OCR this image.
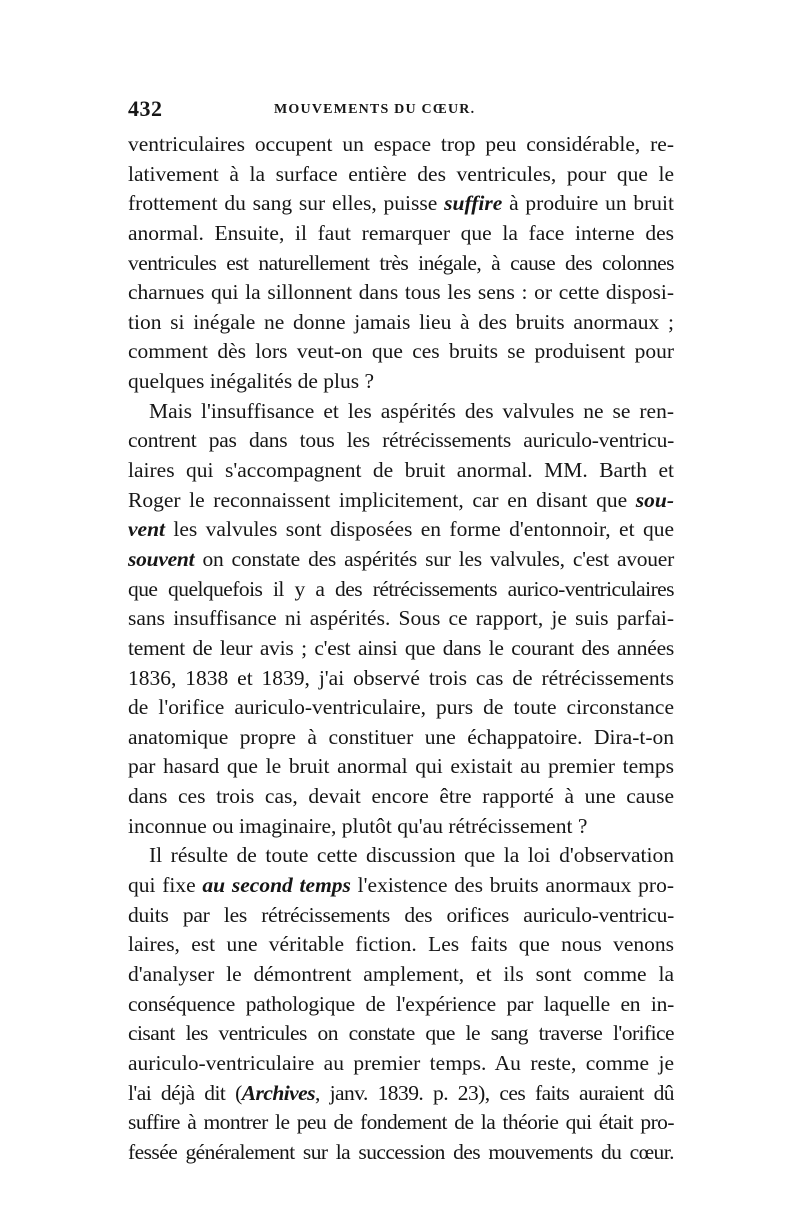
432	MOUVEMENTS DU CŒUR.
ventriculaires occupent un espace trop peu considérable, re-
lativement à la surface entière des ventricules, pour que le
frottement du sang sur elles, puisse suffire à produire un bruit
anormal. Ensuite, il faut remarquer que la face interne des
ventricules est naturellement très inégale, à cause des colonnes
charnues qui la sillonnent dans tous les sens : or cette disposi-
tion si inégale ne donne jamais lieu à des bruits anormaux ;
comment dès lors veut-on que ces bruits se produisent pour
quelques inégalités de plus ?
Mais l'insuffisance et les aspérités des valvules ne se ren-
contrent pas dans tous les rétrécissements auriculo-ventricu-
laires qui s'accompagnent de bruit anormal. MM. Barth et
Roger le reconnaissent implicitement, car en disant que sou-
vent les valvules sont disposées en forme d'entonnoir, et que
souvent on constate des aspérités sur les valvules, c'est avouer
que quelquefois il y a des rétrécissements aurico-ventriculaires
sans insuffisance ni aspérités. Sous ce rapport, je suis parfai-
tement de leur avis ; c'est ainsi que dans le courant des années
1836, 1838 et 1839, j'ai observé trois cas de rétrécissements
de l'orifice auriculo-ventriculaire, purs de toute circonstance
anatomique propre à constituer une échappatoire. Dira-t-on
par hasard que le bruit anormal qui existait au premier temps
dans ces trois cas, devait encore être rapporté à une cause
inconnue ou imaginaire, plutôt qu'au rétrécissement ?
Il résulte de toute cette discussion que la loi d'observation
qui fixe au second temps l'existence des bruits anormaux pro-
duits par les rétrécissements des orifices auriculo-ventricu-
laires, est une véritable fiction. Les faits que nous venons
d'analyser le démontrent amplement, et ils sont comme la
conséquence pathologique de l'expérience par laquelle en in-
cisant les ventricules on constate que le sang traverse l'orifice
auriculo-ventriculaire au premier temps. Au reste, comme je
l'ai déjà dit (Archives, janv. 1839. p. 23), ces faits auraient dû
suffire à montrer le peu de fondement de la théorie qui était pro-
fessée généralement sur la succession des mouvements du cœur.
